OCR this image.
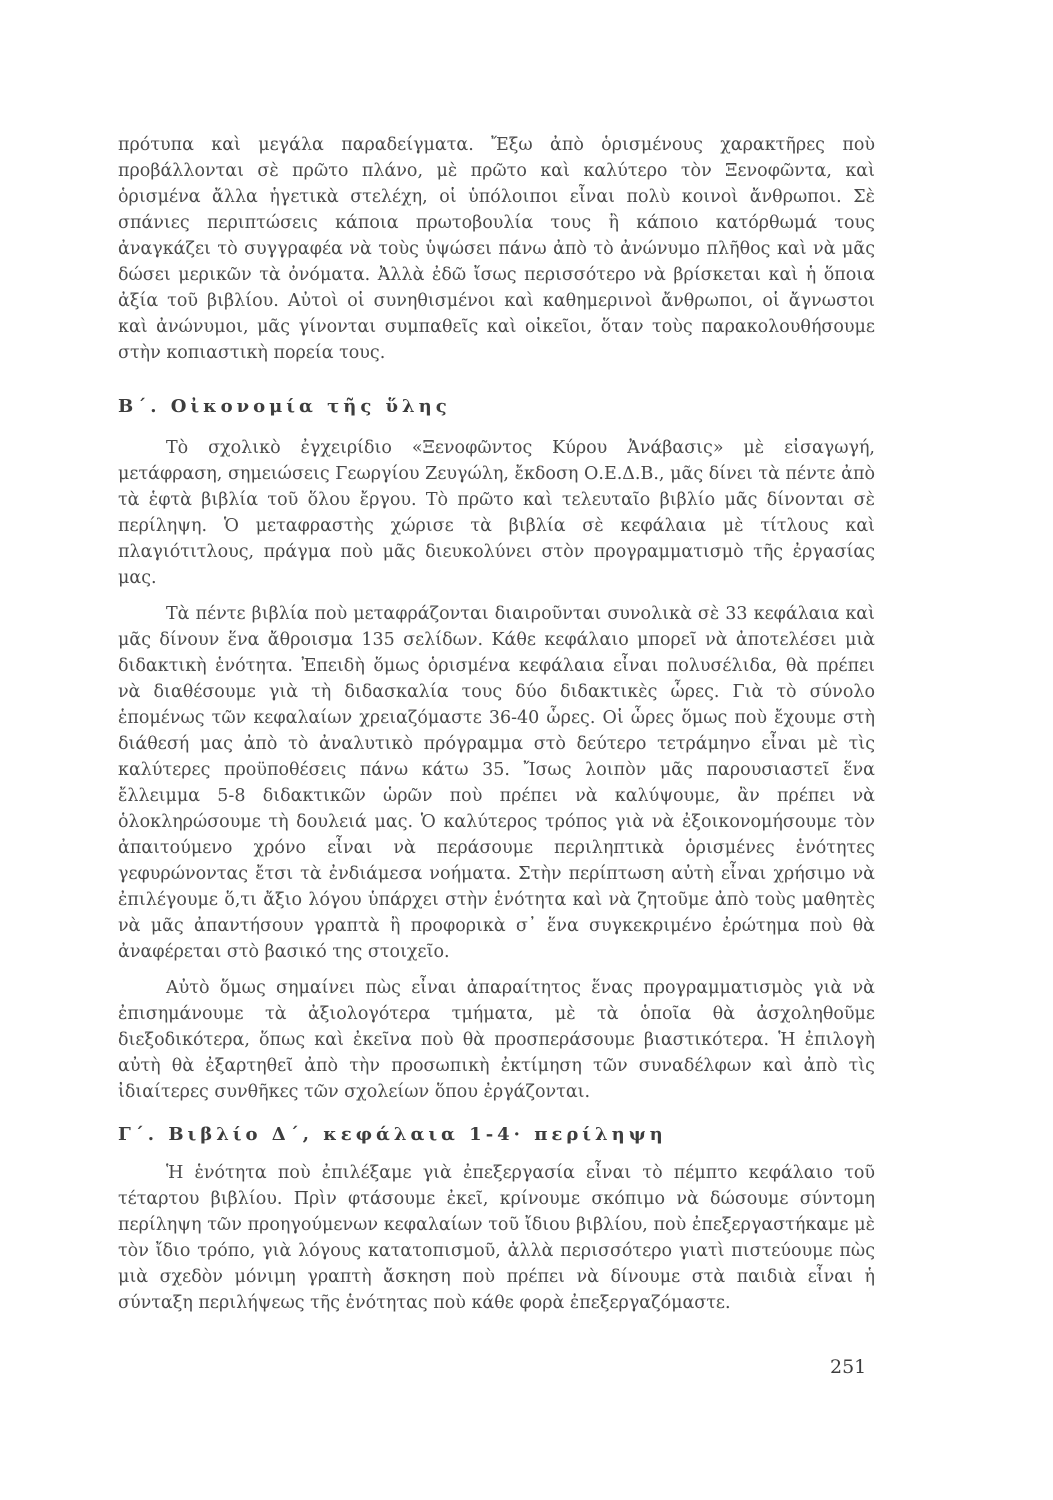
πρότυπα καὶ μεγάλα παραδείγματα. Ἔξω ἀπὸ ὁρισμένους χαρακτῆρες ποὺ προβάλλονται σὲ πρῶτο πλάνο, μὲ πρῶτο καὶ καλύτερο τὸν Ξενοφῶντα, καὶ ὁρισμένα ἄλλα ἡγετικὰ στελέχη, οἱ ὑπόλοιποι εἶναι πολὺ κοινοὶ ἄνθρωποι. Σὲ σπάνιες περιπτώσεις κάποια πρωτοβουλία τους ἢ κάποιο κατόρθωμά τους ἀναγκάζει τὸ συγγραφέα νὰ τοὺς ὑψώσει πάνω ἀπὸ τὸ ἀνώνυμο πλῆθος καὶ νὰ μᾶς δώσει μερικῶν τὰ ὀνόματα. Ἀλλὰ ἐδῶ ἴσως περισσότερο νὰ βρίσκεται καὶ ἡ ὅποια ἀξία τοῦ βιβλίου. Αὐτοὶ οἱ συνηθισμένοι καὶ καθημερινοὶ ἄνθρωποι, οἱ ἄγνωστοι καὶ ἀνώνυμοι, μᾶς γίνονται συμπαθεῖς καὶ οἰκεῖοι, ὅταν τοὺς παρακολουθήσουμε στὴν κοπιαστικὴ πορεία τους.

Β΄. Οἰκονομία τῆς ὕλης

Τὸ σχολικὸ ἐγχειρίδιο «Ξενοφῶντος Κύρου Ἀνάβασις» μὲ εἰσαγωγή, μετάφραση, σημειώσεις Γεωργίου Ζευγώλη, ἔκδοση Ο.Ε.Δ.Β., μᾶς δίνει τὰ πέντε ἀπὸ τὰ ἑφτὰ βιβλία τοῦ ὅλου ἔργου. Τὸ πρῶτο καὶ τελευταῖο βιβλίο μᾶς δίνονται σὲ περίληψη. Ὁ μεταφραστὴς χώρισε τὰ βιβλία σὲ κεφάλαια μὲ τίτλους καὶ πλαγιότιτλους, πράγμα ποὺ μᾶς διευκολύνει στὸν προγραμματισμὸ τῆς ἐργασίας μας.

Τὰ πέντε βιβλία ποὺ μεταφράζονται διαιροῦνται συνολικὰ σὲ 33 κεφάλαια καὶ μᾶς δίνουν ἕνα ἄθροισμα 135 σελίδων. Κάθε κεφάλαιο μπορεῖ νὰ ἀποτελέσει μιὰ διδακτικὴ ἑνότητα. Ἐπειδὴ ὅμως ὁρισμένα κεφάλαια εἶναι πολυσέλιδα, θὰ πρέπει νὰ διαθέσουμε γιὰ τὴ διδασκαλία τους δύο διδακτικὲς ὧρες. Γιὰ τὸ σύνολο ἑπομένως τῶν κεφαλαίων χρειαζόμαστε 36-40 ὧρες. Οἱ ὧρες ὅμως ποὺ ἔχουμε στὴ διάθεσή μας ἀπὸ τὸ ἀναλυτικὸ πρόγραμμα στὸ δεύτερο τετράμηνο εἶναι μὲ τὶς καλύτερες προϋποθέσεις πάνω κάτω 35. Ἴσως λοιπὸν μᾶς παρουσιαστεῖ ἕνα ἔλλειμμα 5-8 διδακτικῶν ὡρῶν ποὺ πρέπει νὰ καλύψουμε, ἂν πρέπει νὰ ὁλοκληρώσουμε τὴ δουλειά μας. Ὁ καλύτερος τρόπος γιὰ νὰ ἐξοικονομήσουμε τὸν ἀπαιτούμενο χρόνο εἶναι νὰ περάσουμε περιληπτικὰ ὁρισμένες ἑνότητες γεφυρώνοντας ἔτσι τὰ ἐνδιάμεσα νοήματα. Στὴν περίπτωση αὐτὴ εἶναι χρήσιμο νὰ ἐπιλέγουμε ὅ,τι ἄξιο λόγου ὑπάρχει στὴν ἑνότητα καὶ νὰ ζητοῦμε ἀπὸ τοὺς μαθητὲς νὰ μᾶς ἀπαντήσουν γραπτὰ ἢ προφορικὰ σ᾽ ἕνα συγκεκριμένο ἐρώτημα ποὺ θὰ ἀναφέρεται στὸ βασικό της στοιχεῖο.

Αὐτὸ ὅμως σημαίνει πὼς εἶναι ἀπαραίτητος ἕνας προγραμματισμὸς γιὰ νὰ ἐπισημάνουμε τὰ ἀξιολογότερα τμήματα, μὲ τὰ ὁποῖα θὰ ἀσχοληθοῦμε διεξοδικότερα, ὅπως καὶ ἐκεῖνα ποὺ θὰ προσπεράσουμε βιαστικότερα. Ἡ ἐπιλογὴ αὐτὴ θὰ ἐξαρτηθεῖ ἀπὸ τὴν προσωπικὴ ἐκτίμηση τῶν συναδέλφων καὶ ἀπὸ τὶς ἰδιαίτερες συνθῆκες τῶν σχολείων ὅπου ἐργάζονται.

Γ΄. Βιβλίο Δ΄, κεφάλαια 1-4· περίληψη

Ἡ ἑνότητα ποὺ ἐπιλέξαμε γιὰ ἐπεξεργασία εἶναι τὸ πέμπτο κεφάλαιο τοῦ τέταρτου βιβλίου. Πρὶν φτάσουμε ἐκεῖ, κρίνουμε σκόπιμο νὰ δώσουμε σύντομη περίληψη τῶν προηγούμενων κεφαλαίων τοῦ ἴδιου βιβλίου, ποὺ ἐπεξεργαστήκαμε μὲ τὸν ἴδιο τρόπο, γιὰ λόγους κατατοπισμοῦ, ἀλλὰ περισσότερο γιατὶ πιστεύουμε πὼς μιὰ σχεδὸν μόνιμη γραπτὴ ἄσκηση ποὺ πρέπει νὰ δίνουμε στὰ παιδιὰ εἶναι ἡ σύνταξη περιλήψεως τῆς ἑνότητας ποὺ κάθε φορὰ ἐπεξεργαζόμαστε.

251
